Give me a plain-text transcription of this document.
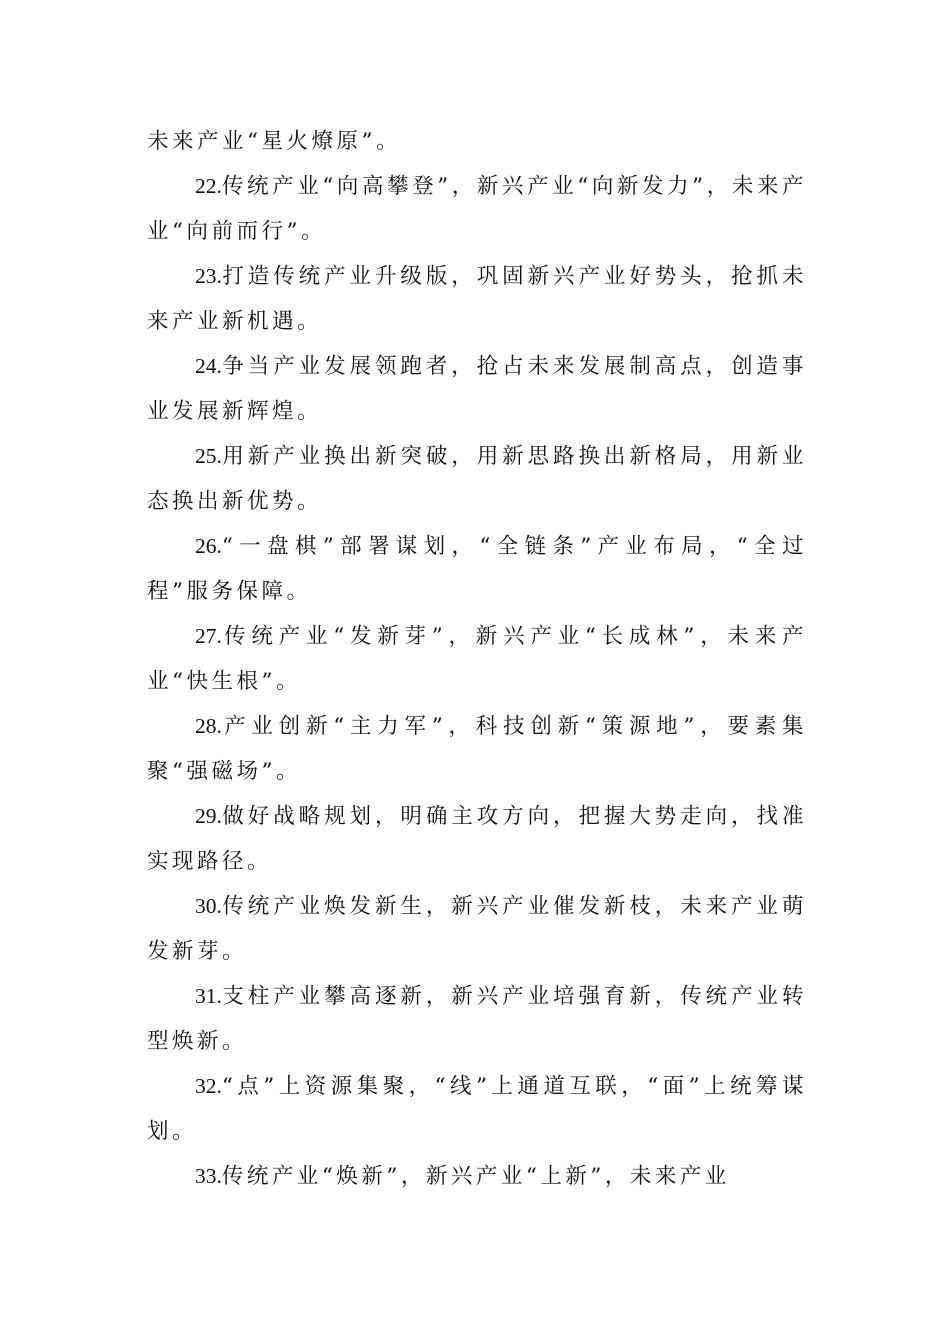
未来产业“星火燎原”。

22.传统产业“向高攀登”，新兴产业“向新发力”，未来产业“向前而行”。

23.打造传统产业升级版，巩固新兴产业好势头，抢抓未来产业新机遇。

24.争当产业发展领跑者，抢占未来发展制高点，创造事业发展新辉煌。

25.用新产业换出新突破，用新思路换出新格局，用新业态换出新优势。

26.“一盘棋”部署谋划，“全链条”产业布局，“全过程”服务保障。

27.传统产业“发新芽”，新兴产业“长成林”，未来产业“快生根”。

28.产业创新“主力军”，科技创新“策源地”，要素集聚“强磁场”。

29.做好战略规划，明确主攻方向，把握大势走向，找准实现路径。

30.传统产业焕发新生，新兴产业催发新枝，未来产业萌发新芽。

31.支柱产业攀高逐新，新兴产业培强育新，传统产业转型焕新。

32.“点”上资源集聚，“线”上通道互联，“面”上统筹谋划。

33.传统产业“焕新”，新兴产业“上新”，未来产业
